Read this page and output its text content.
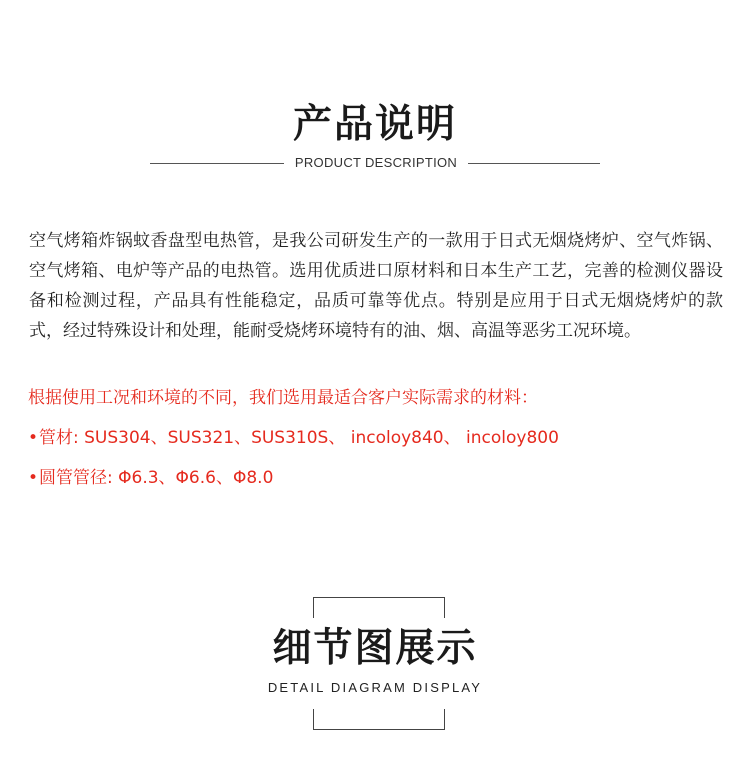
产品说明
PRODUCT DESCRIPTION

空气烤箱炸锅蚊香盘型电热管，是我公司研发生产的一款用于日式无烟烧烤炉、空气炸锅、空气烤箱、电炉等产品的电热管。选用优质进口原材料和日本生产工艺，完善的检测仪器设备和检测过程，产品具有性能稳定，品质可靠等优点。特别是应用于日式无烟烧烤炉的款式，经过特殊设计和处理，能耐受烧烤环境特有的油、烟、高温等恶劣工况环境。

根据使用工况和环境的不同，我们选用最适合客户实际需求的材料：
•管材: SUS304、SUS321、SUS310S、 incoloy840、 incoloy800
•圆管管径: Φ6.3、Φ6.6、Φ8.0
细节图展示
DETAIL DIAGRAM DISPLAY
